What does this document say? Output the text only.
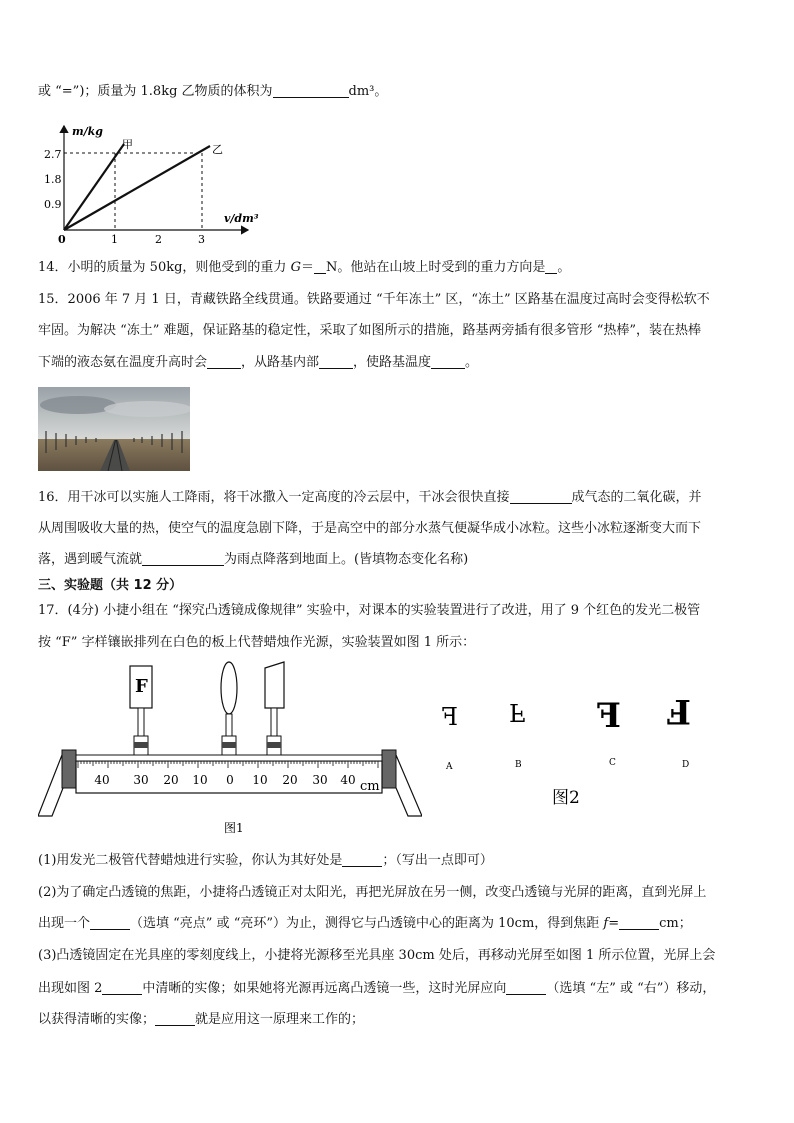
或 “=”)；质量为 1.8kg 乙物质的体积为	dm³。
m/kg
v/dm³
2.7
1.8
0.9
0	1	2	3
甲	乙
14．小明的质量为 50kg，则他受到的重力 G＝ N。他站在山坡上时受到的重力方向是 。
15．2006 年 7 月 1 日，青藏铁路全线贯通。铁路要通过 “千年冻土” 区，“冻土” 区路基在温度过高时会变得松软不
牢固。为解决 “冻土” 难题，保证路基的稳定性，采取了如图所示的措施，路基两旁插有很多管形 “热棒”，装在热棒
下端的液态氨在温度升高时会	，从路基内部	，使路基温度	。
16．用干冰可以实施人工降雨，将干冰撒入一定高度的冷云层中，干冰会很快直接	成气态的二氧化碳，并
从周围吸收大量的热，使空气的温度急剧下降，于是高空中的部分水蒸气便凝华成小冰粒。这些小冰粒逐渐变大而下
落，遇到暖气流就	为雨点降落到地面上。(皆填物态变化名称)
三、实验题（共 12 分）
17．(4分) 小捷小组在 “探究凸透镜成像规律” 实验中，对课本的实验装置进行了改进，用了 9 个红色的发光二极管
按 “F” 字样镶嵌排列在白色的板上代替蜡烛作光源，实验装置如图 1 所示：
40 30 20 10 0 10 20 30 40 cm
F
图1
F F F F
A	B	C	D
图2
(1)用发光二极管代替蜡烛进行实验，你认为其好处是	；（写出一点即可）
(2)为了确定凸透镜的焦距，小捷将凸透镜正对太阳光，再把光屏放在另一侧，改变凸透镜与光屏的距离，直到光屏上
出现一个	（选填 “亮点” 或 “亮环”）为止，测得它与凸透镜中心的距离为 10cm，得到焦距 f=	cm；
(3)凸透镜固定在光具座的零刻度线上，小捷将光源移至光具座 30cm 处后，再移动光屏至如图 1 所示位置，光屏上会
出现如图 2	中清晰的实像；如果她将光源再远离凸透镜一些，这时光屏应向	（选填 “左” 或 “右”）移动，
以获得清晰的实像；	就是应用这一原理来工作的；
